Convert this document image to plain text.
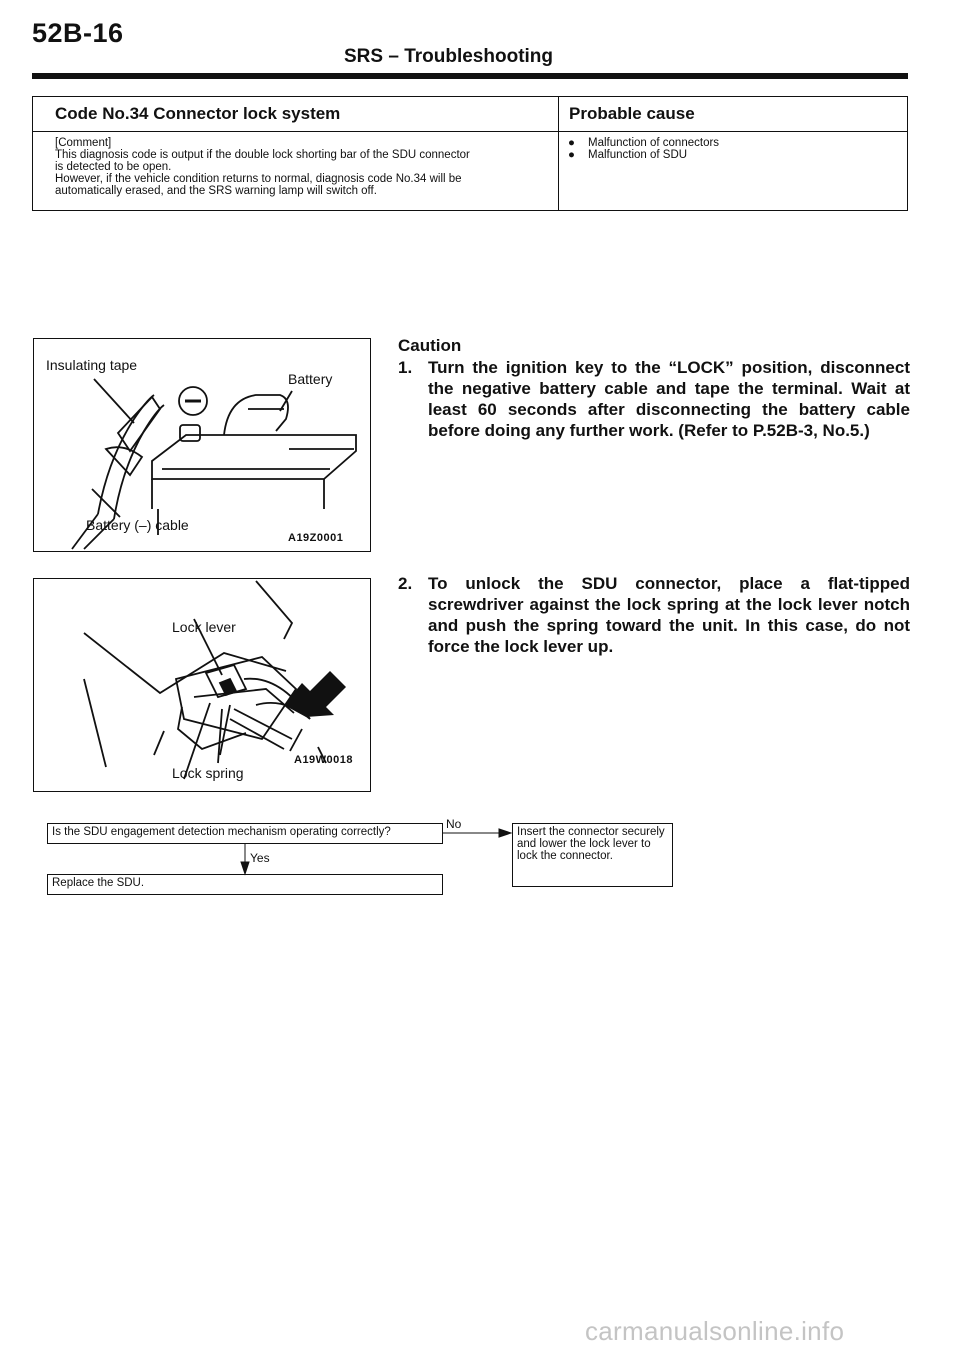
52B-16
SRS – Troubleshooting
Code No.34 Connector lock system	Probable cause
[Comment]
This diagnosis code is output if the double lock shorting bar of the SDU connector
is detected to be open.
However, if the vehicle condition returns to normal, diagnosis code No.34 will be
automatically erased, and the SRS warning lamp will switch off.
● Malfunction of connectors
● Malfunction of SDU
Insulating tape
Battery
Battery (–) cable
A19Z0001
Lock lever
Lock spring
A19W0018
Caution
1. Turn the ignition key to the “LOCK” position, disconnect the negative battery cable and tape the terminal. Wait at least 60 seconds after disconnecting the battery cable before doing any further work. (Refer to P.52B-3, No.5.)
2. To unlock the SDU connector, place a flat-tipped screwdriver against the lock spring at the lock lever notch and push the spring toward the unit. In this case, do not force the lock lever up.
Is the SDU engagement detection mechanism operating correctly?
Replace the SDU.
Insert the connector securely and lower the lock lever to lock the connector.
No
Yes
carmanualsonline.info
